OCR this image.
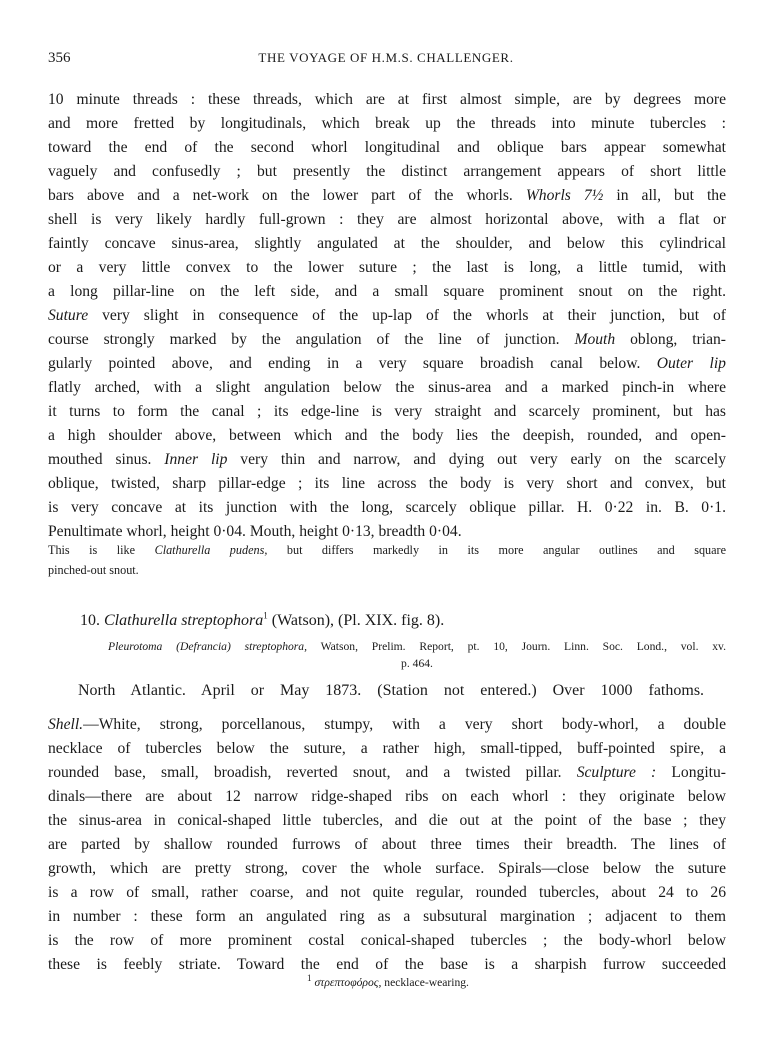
356	THE VOYAGE OF H.M.S. CHALLENGER.
10 minute threads : these threads, which are at first almost simple, are by degrees more
and more fretted by longitudinals, which break up the threads into minute tubercles :
toward the end of the second whorl longitudinal and oblique bars appear somewhat
vaguely and confusedly ; but presently the distinct arrangement appears of short little
bars above and a net-work on the lower part of the whorls. Whorls 7½ in all, but the
shell is very likely hardly full-grown : they are almost horizontal above, with a flat or
faintly concave sinus-area, slightly angulated at the shoulder, and below this cylindrical
or a very little convex to the lower suture ; the last is long, a little tumid, with
a long pillar-line on the left side, and a small square prominent snout on the right.
Suture very slight in consequence of the up-lap of the whorls at their junction, but of
course strongly marked by the angulation of the line of junction. Mouth oblong, trian-
gularly pointed above, and ending in a very square broadish canal below. Outer lip
flatly arched, with a slight angulation below the sinus-area and a marked pinch-in where
it turns to form the canal ; its edge-line is very straight and scarcely prominent, but has
a high shoulder above, between which and the body lies the deepish, rounded, and open-
mouthed sinus. Inner lip very thin and narrow, and dying out very early on the scarcely
oblique, twisted, sharp pillar-edge ; its line across the body is very short and convex, but
is very concave at its junction with the long, scarcely oblique pillar. H. 0·22 in. B. 0·1.
Penultimate whorl, height 0·04. Mouth, height 0·13, breadth 0·04.
This is like Clathurella pudens, but differs markedly in its more angular outlines and square
pinched-out snout.
10. Clathurella streptophora$^1$ (Watson), (Pl. XIX. fig. 8).
Pleurotoma (Defrancia) streptophora, Watson, Prelim. Report, pt. 10, Journ. Linn. Soc. Lond., vol. xv.
p. 464.
North Atlantic. April or May 1873. (Station not entered.) Over 1000 fathoms.
Shell.—White, strong, porcellanous, stumpy, with a very short body-whorl, a double
necklace of tubercles below the suture, a rather high, small-tipped, buff-pointed spire, a
rounded base, small, broadish, reverted snout, and a twisted pillar. Sculpture : Longitu-
dinals—there are about 12 narrow ridge-shaped ribs on each whorl : they originate below
the sinus-area in conical-shaped little tubercles, and die out at the point of the base ; they
are parted by shallow rounded furrows of about three times their breadth. The lines of
growth, which are pretty strong, cover the whole surface. Spirals—close below the suture
is a row of small, rather coarse, and not quite regular, rounded tubercles, about 24 to 26
in number : these form an angulated ring as a subsutural margination ; adjacent to them
is the row of more prominent costal conical-shaped tubercles ; the body-whorl below
these is feebly striate. Toward the end of the base is a sharpish furrow succeeded
$^1$ στρεπτοφόρος, necklace-wearing.
